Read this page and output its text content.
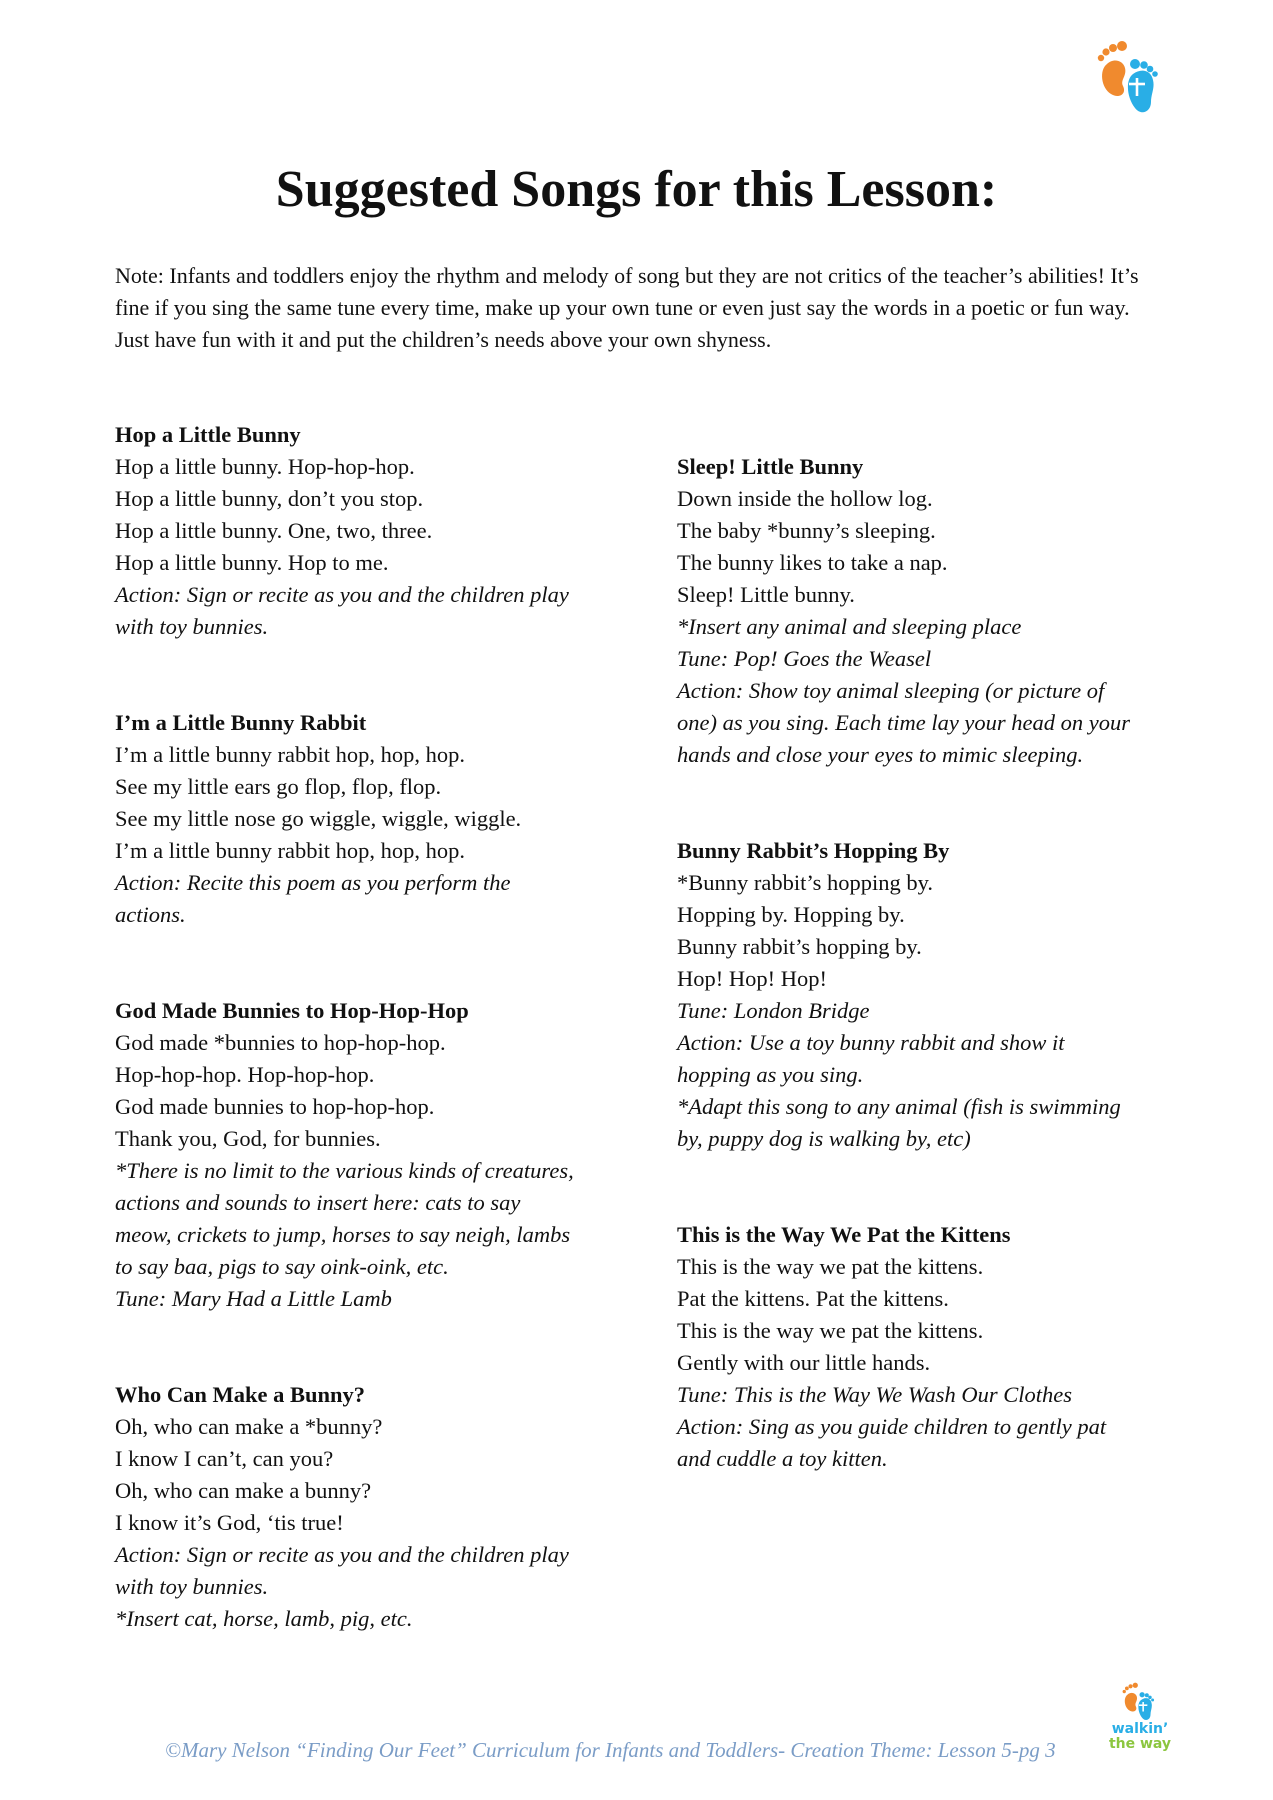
Suggested Songs for this Lesson:
Note: Infants and toddlers enjoy the rhythm and melody of song but they are not critics of the teacher’s abilities! It’s fine if you sing the same tune every time, make up your own tune or even just say the words in a poetic or fun way. Just have fun with it and put the children’s needs above your own shyness.
Hop a Little Bunny
Hop a little bunny. Hop-hop-hop.
Hop a little bunny, don’t you stop.
Hop a little bunny. One, two, three.
Hop a little bunny. Hop to me.
Action: Sign or recite as you and the children play
with toy bunnies.
I’m a Little Bunny Rabbit
I’m a little bunny rabbit hop, hop, hop.
See my little ears go flop, flop, flop.
See my little nose go wiggle, wiggle, wiggle.
I’m a little bunny rabbit hop, hop, hop.
Action: Recite this poem as you perform the
actions.
God Made Bunnies to Hop-Hop-Hop
God made *bunnies to hop-hop-hop.
Hop-hop-hop. Hop-hop-hop.
God made bunnies to hop-hop-hop.
Thank you, God, for bunnies.
*There is no limit to the various kinds of creatures,
actions and sounds to insert here: cats to say
meow, crickets to jump, horses to say neigh, lambs
to say baa, pigs to say oink-oink, etc.
Tune: Mary Had a Little Lamb
Who Can Make a Bunny?
Oh, who can make a *bunny?
I know I can’t, can you?
Oh, who can make a bunny?
I know it’s God, ‘tis true!
Action: Sign or recite as you and the children play
with toy bunnies.
*Insert cat, horse, lamb, pig, etc.
Sleep! Little Bunny
Down inside the hollow log.
The baby *bunny’s sleeping.
The bunny likes to take a nap.
Sleep! Little bunny.
*Insert any animal and sleeping place
Tune: Pop! Goes the Weasel
Action: Show toy animal sleeping (or picture of
one) as you sing. Each time lay your head on your
hands and close your eyes to mimic sleeping.
Bunny Rabbit’s Hopping By
*Bunny rabbit’s hopping by.
Hopping by. Hopping by.
Bunny rabbit’s hopping by.
Hop! Hop! Hop!
Tune: London Bridge
Action: Use a toy bunny rabbit and show it
hopping as you sing.
*Adapt this song to any animal (fish is swimming
by, puppy dog is walking by, etc)
This is the Way We Pat the Kittens
This is the way we pat the kittens.
Pat the kittens. Pat the kittens.
This is the way we pat the kittens.
Gently with our little hands.
Tune: This is the Way We Wash Our Clothes
Action: Sing as you guide children to gently pat
and cuddle a toy kitten.
©Mary Nelson “Finding Our Feet” Curriculum for Infants and Toddlers- Creation Theme: Lesson 5-pg 3
walkin’
the way
